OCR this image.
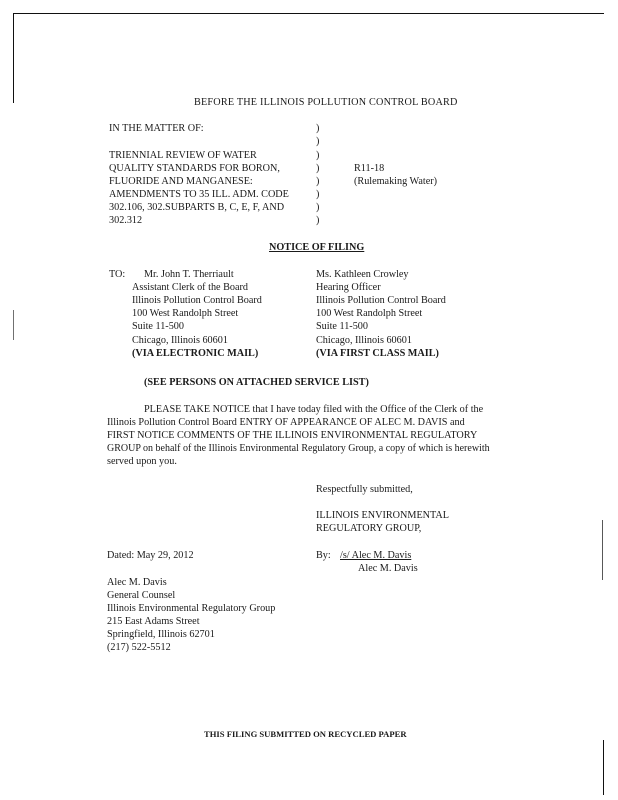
BEFORE THE ILLINOIS POLLUTION CONTROL BOARD
IN THE MATTER OF:
TRIENNIAL REVIEW OF WATER
QUALITY STANDARDS FOR BORON,
FLUORIDE AND MANGANESE:
AMENDMENTS TO 35 ILL. ADM. CODE
302.106, 302.SUBPARTS B, C, E, F, AND
302.312
)
)
)
)
)
)
)
)
R11-18
(Rulemaking Water)
NOTICE OF FILING
TO: Mr. John T. Therriault
Assistant Clerk of the Board
Illinois Pollution Control Board
100 West Randolph Street
Suite 11-500
Chicago, Illinois 60601
(VIA ELECTRONIC MAIL)
Ms. Kathleen Crowley
Hearing Officer
Illinois Pollution Control Board
100 West Randolph Street
Suite 11-500
Chicago, Illinois 60601
(VIA FIRST CLASS MAIL)
(SEE PERSONS ON ATTACHED SERVICE LIST)
PLEASE TAKE NOTICE that I have today filed with the Office of the Clerk of the
Illinois Pollution Control Board ENTRY OF APPEARANCE OF ALEC M. DAVIS and
FIRST NOTICE COMMENTS OF THE ILLINOIS ENVIRONMENTAL REGULATORY
GROUP on behalf of the Illinois Environmental Regulatory Group, a copy of which is herewith
served upon you.
Respectfully submitted,
ILLINOIS ENVIRONMENTAL
REGULATORY GROUP,
Dated: May 29, 2012	By: /s/ Alec M. Davis
Alec M. Davis
Alec M. Davis
General Counsel
Illinois Environmental Regulatory Group
215 East Adams Street
Springfield, Illinois 62701
(217) 522-5512
THIS FILING SUBMITTED ON RECYCLED PAPER
